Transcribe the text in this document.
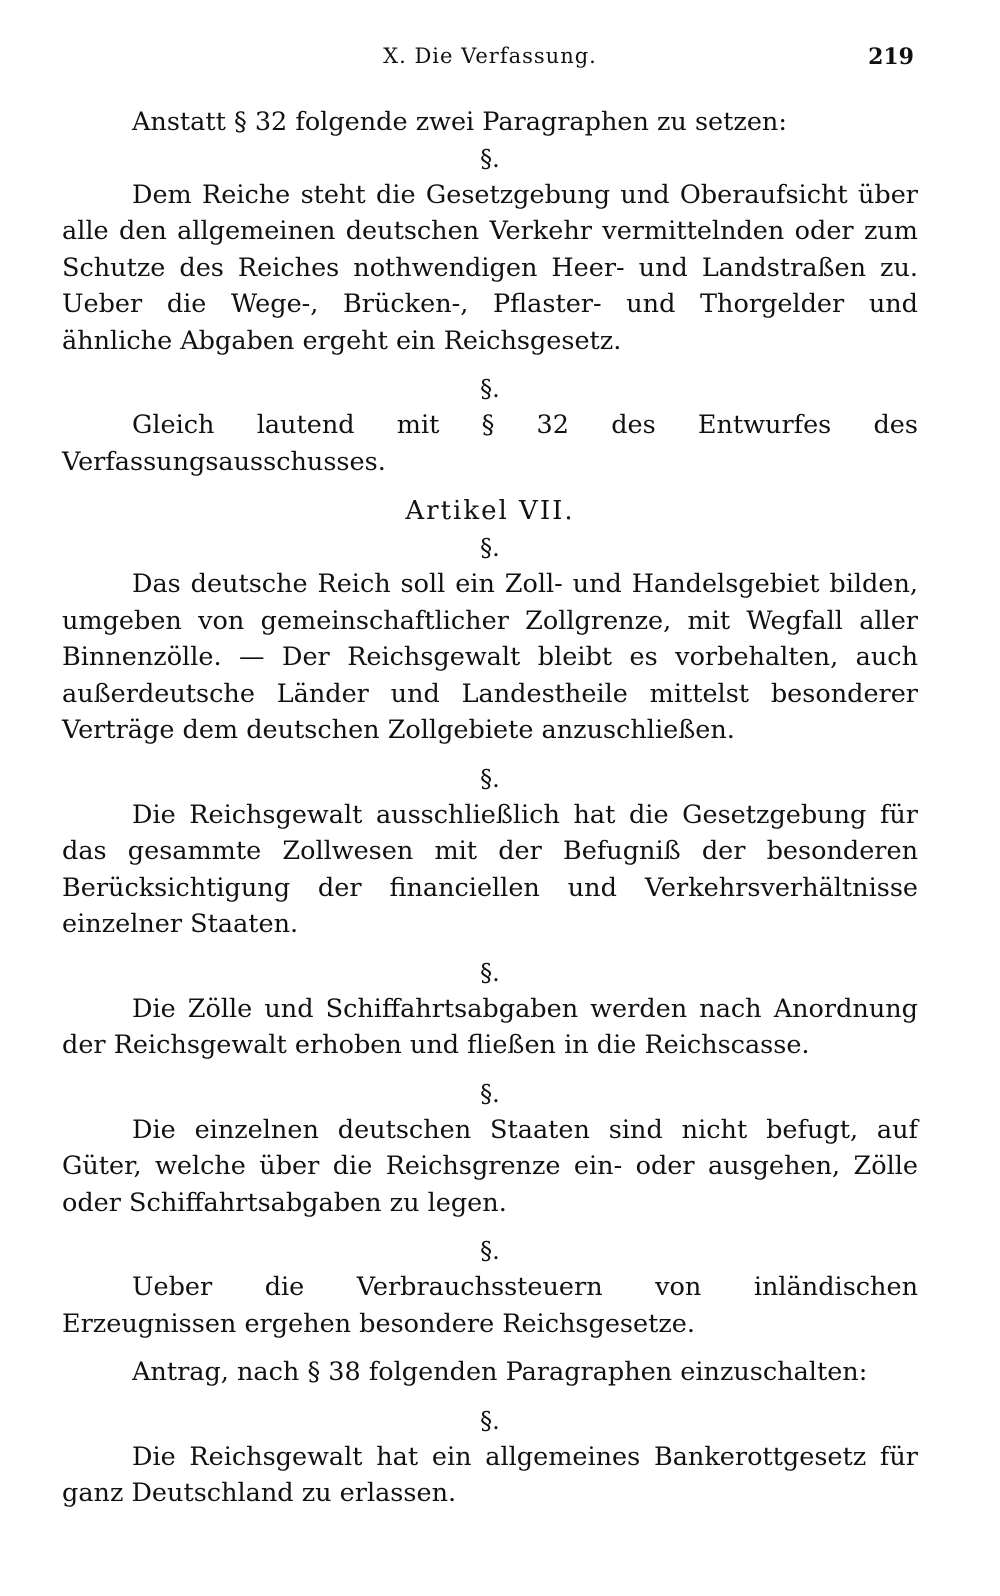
X. Die Verfassung.	219

Anstatt § 32 folgende zwei Paragraphen zu setzen:

§.

Dem Reiche steht die Gesetzgebung und Oberaufsicht über alle den allgemeinen deutschen Verkehr vermittelnden oder zum Schutze des Reiches nothwendigen Heer- und Landstraßen zu. Ueber die Wege-, Brücken-, Pflaster- und Thorgelder und ähnliche Abgaben ergeht ein Reichsgesetz.

§.

Gleich lautend mit § 32 des Entwurfes des Verfassungsausschusses.

Artikel VII.

§.

Das deutsche Reich soll ein Zoll- und Handelsgebiet bilden, umgeben von gemeinschaftlicher Zollgrenze, mit Wegfall aller Binnenzölle. — Der Reichsgewalt bleibt es vorbehalten, auch außerdeutsche Länder und Landestheile mittelst besonderer Verträge dem deutschen Zollgebiete anzuschließen.

§.

Die Reichsgewalt ausschließlich hat die Gesetzgebung für das gesammte Zollwesen mit der Befugniß der besonderen Berücksichtigung der financiellen und Verkehrsverhältnisse einzelner Staaten.

§.

Die Zölle und Schiffahrtsabgaben werden nach Anordnung der Reichsgewalt erhoben und fließen in die Reichscasse.

§.

Die einzelnen deutschen Staaten sind nicht befugt, auf Güter, welche über die Reichsgrenze ein- oder ausgehen, Zölle oder Schiffahrtsabgaben zu legen.

§.

Ueber die Verbrauchssteuern von inländischen Erzeugnissen ergehen besondere Reichsgesetze.

Antrag, nach § 38 folgenden Paragraphen einzuschalten:

§.

Die Reichsgewalt hat ein allgemeines Bankerottgesetz für ganz Deutschland zu erlassen.
